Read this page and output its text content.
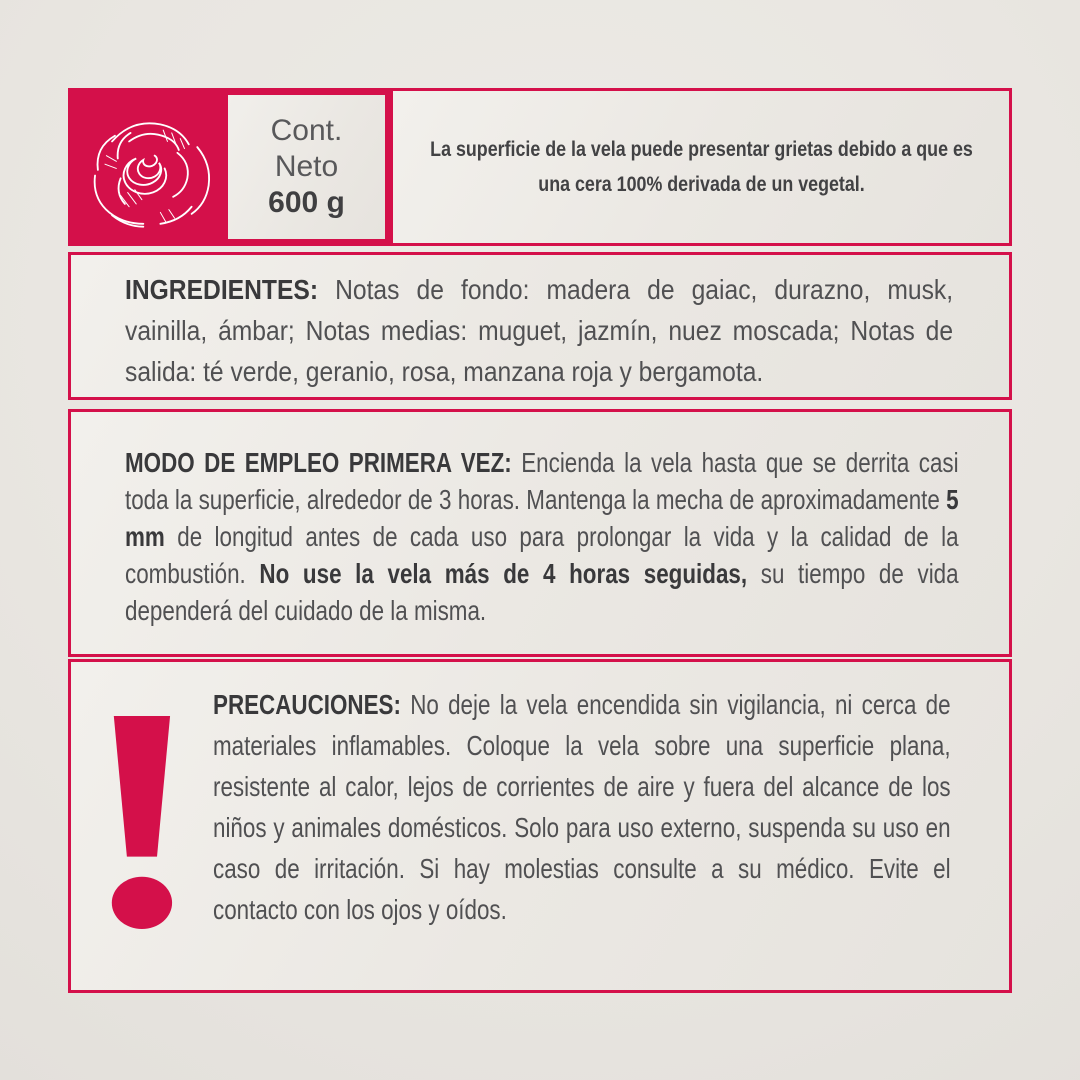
Cont.
Neto
600 g

La superficie de la vela puede presentar grietas debido a que es una cera 100% derivada de un vegetal.

INGREDIENTES: Notas de fondo: madera de gaiac, durazno, musk, vainilla, ámbar; Notas medias: muguet, jazmín, nuez moscada; Notas de salida: té verde, geranio, rosa, manzana roja y bergamota.

MODO DE EMPLEO PRIMERA VEZ: Encienda la vela hasta que se derrita casi toda la superficie, alrededor de 3 horas. Mantenga la mecha de aproximadamente 5 mm de longitud antes de cada uso para prolongar la vida y la calidad de la combustión. No use la vela más de 4 horas seguidas, su tiempo de vida dependerá del cuidado de la misma.

PRECAUCIONES: No deje la vela encendida sin vigilancia, ni cerca de materiales inflamables. Coloque la vela sobre una superficie plana, resistente al calor, lejos de corrientes de aire y fuera del alcance de los niños y animales domésticos. Solo para uso externo, suspenda su uso en caso de irritación. Si hay molestias consulte a su médico. Evite el contacto con los ojos y oídos.
